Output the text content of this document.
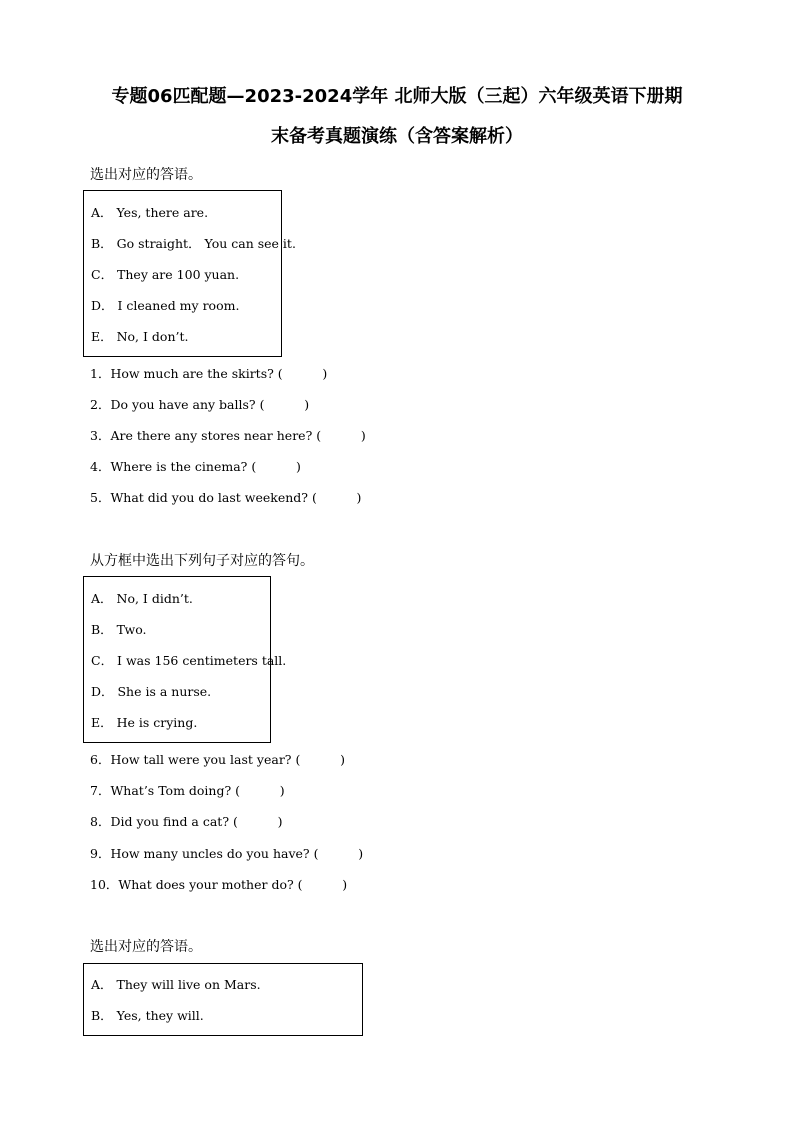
专题06匹配题—2023-2024学年 北师大版（三起）六年级英语下册期
末备考真题演练（含答案解析）
选出对应的答语。
A． Yes, there are.
B． Go straight． You can see it.
C． They are 100 yuan.
D． I cleaned my room.
E． No, I don’t.
1．How much are the skirts? (          )
2．Do you have any balls? (          )
3．Are there any stores near here? (          )
4．Where is the cinema? (          )
5．What did you do last weekend? (          )
从方框中选出下列句子对应的答句。
A． No, I didn’t.
B． Two.
C． I was 156 centimeters tall.
D． She is a nurse.
E． He is crying.
6．How tall were you last year? (          )
7．What’s Tom doing? (          )
8．Did you find a cat? (          )
9．How many uncles do you have? (          )
10．What does your mother do? (          )
选出对应的答语。
A． They will live on Mars.
B． Yes, they will.
